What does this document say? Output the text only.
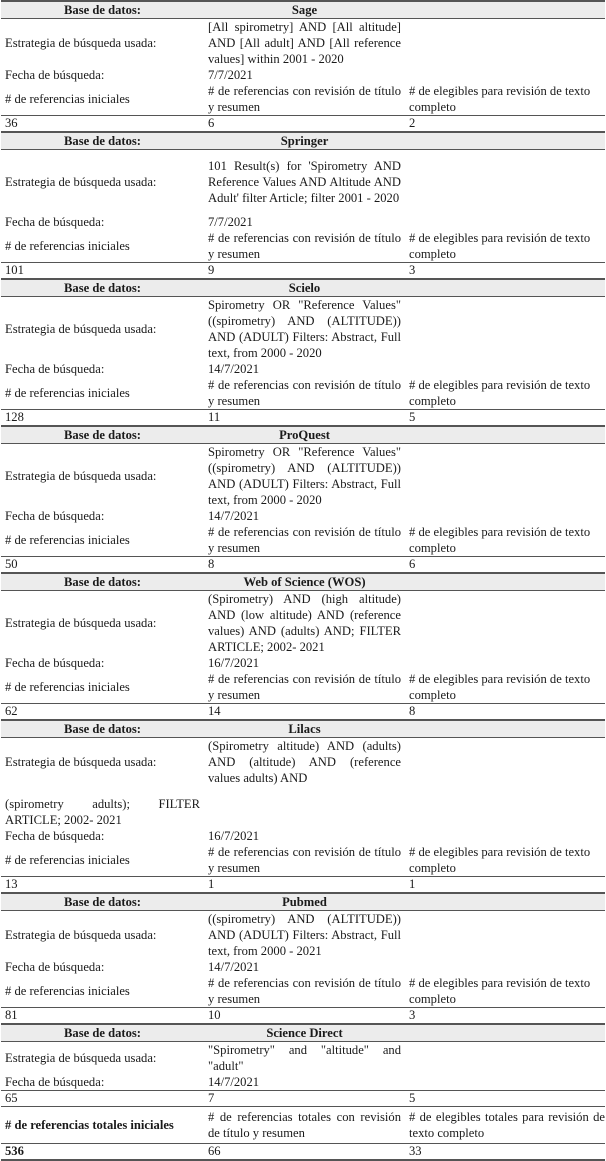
Base de datos:	Sage	
Estrategia de búsqueda usada:	[All spirometry] AND [All altitude] AND [All adult] AND [All reference values] within 2001 - 2020	
Fecha de búsqueda:	7/7/2021	
# de referencias iniciales	# de referencias con revisión de título y resumen	# de elegibles para revisión de texto completo
36	6	2
Base de datos:	Springer	
Estrategia de búsqueda usada:	101 Result(s) for 'Spirometry AND Reference Values AND Altitude AND Adult' filter Article; filter 2001 - 2020	
Fecha de búsqueda:	7/7/2021	
# de referencias iniciales	# de referencias con revisión de título y resumen	# de elegibles para revisión de texto completo
101	9	3
Base de datos:	Scielo	
Estrategia de búsqueda usada:	Spirometry OR "Reference Values" ((spirometry) AND (ALTITUDE)) AND (ADULT) Filters: Abstract, Full text, from 2000 - 2020	
Fecha de búsqueda:	14/7/2021	
# de referencias iniciales	# de referencias con revisión de título y resumen	# de elegibles para revisión de texto completo
128	11	5
Base de datos:	ProQuest	
Estrategia de búsqueda usada:	Spirometry OR "Reference Values" ((spirometry) AND (ALTITUDE)) AND (ADULT) Filters: Abstract, Full text, from 2000 - 2020	
Fecha de búsqueda:	14/7/2021	
# de referencias iniciales	# de referencias con revisión de título y resumen	# de elegibles para revisión de texto completo
50	8	6
Base de datos:	Web of Science (WOS)	
Estrategia de búsqueda usada:	(Spirometry) AND (high altitude) AND (low altitude) AND (reference values) AND (adults) AND; FILTER ARTICLE; 2002- 2021	
Fecha de búsqueda:	16/7/2021	
# de referencias iniciales	# de referencias con revisión de título y resumen	# de elegibles para revisión de texto completo
62	14	8
Base de datos:	Lilacs	
Estrategia de búsqueda usada:	(Spirometry altitude) AND (adults) AND (altitude) AND (reference values adults) AND	
(spirometry adults); FILTER ARTICLE; 2002- 2021		
Fecha de búsqueda:	16/7/2021	
# de referencias iniciales	# de referencias con revisión de título y resumen	# de elegibles para revisión de texto completo
13	1	1
Base de datos:	Pubmed	
Estrategia de búsqueda usada:	((spirometry) AND (ALTITUDE)) AND (ADULT) Filters: Abstract, Full text, from 2000 - 2021	
Fecha de búsqueda:	14/7/2021	
# de referencias iniciales	# de referencias con revisión de título y resumen	# de elegibles para revisión de texto completo
81	10	3
Base de datos:	Science Direct	
Estrategia de búsqueda usada:	"Spirometry" and "altitude" and "adult"	
Fecha de búsqueda:	14/7/2021	
65	7	5
# de referencias totales iniciales	# de referencias totales con revisión de título y resumen	# de elegibles totales para revisión de texto completo
536	66	33
